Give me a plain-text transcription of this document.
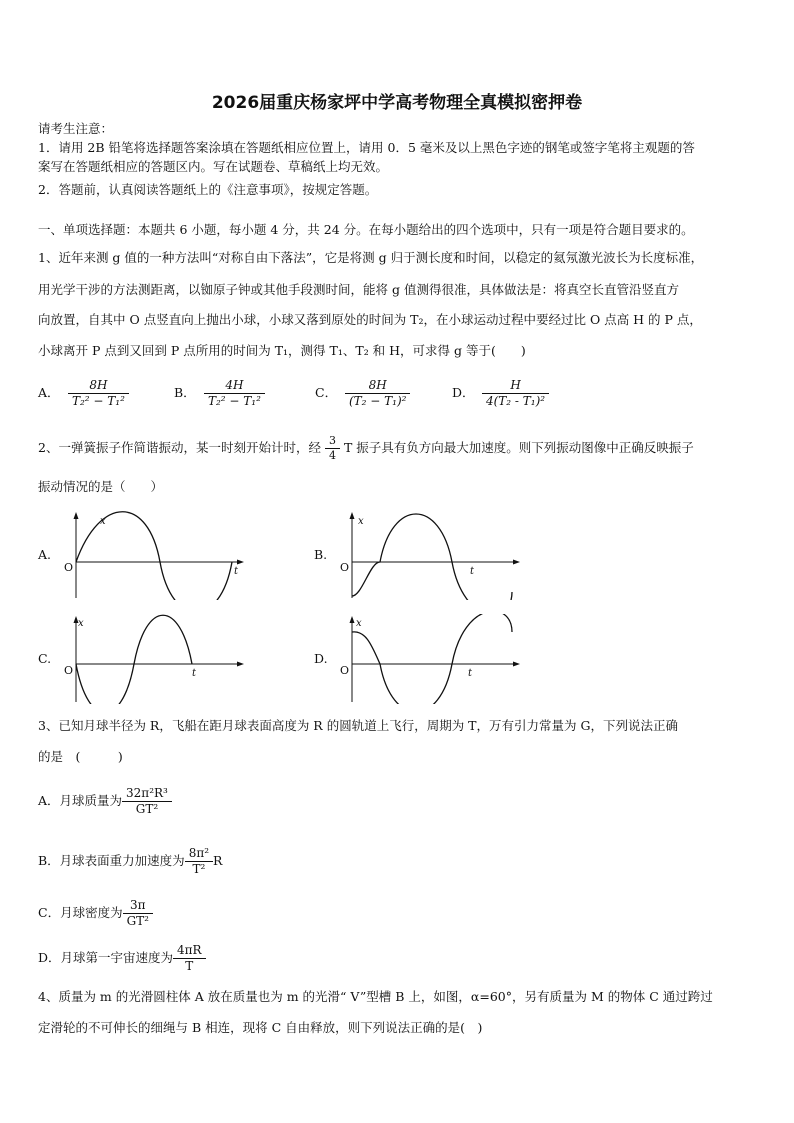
2026届重庆杨家坪中学高考物理全真模拟密押卷
请考生注意：
1．请用 2B 铅笔将选择题答案涂填在答题纸相应位置上，请用 0．5 毫米及以上黑色字迹的钢笔或签字笔将主观题的答
案写在答题纸相应的答题区内。写在试题卷、草稿纸上均无效。
2．答题前，认真阅读答题纸上的《注意事项》，按规定答题。
一、单项选择题：本题共 6 小题，每小题 4 分，共 24 分。在每小题给出的四个选项中，只有一项是符合题目要求的。
1、近年来测 g 值的一种方法叫“对称自由下落法”，它是将测 g 归于测长度和时间，以稳定的氦氖激光波长为长度标准，
用光学干涉的方法测距离，以铷原子钟或其他手段测时间，能将 g 值测得很准，具体做法是：将真空长直管沿竖直方
向放置，自其中 O 点竖直向上抛出小球，小球又落到原处的时间为 T₂，在小球运动过程中要经过比 O 点高 H 的 P 点，
小球离开 P 点到又回到 P 点所用的时间为 T₁，测得 T₁、T₂ 和 H，可求得 g 等于(　　)
A． $\frac{8H}{\text{T₂² − T₁²}}$	B． $\frac{4H}{\text{T₂² − T₁²}}$	C． $\frac{8H}{\text{(T₂ − T₁)²}}$	D． $\frac{H}{\text{4(T₂ - T₁)²}}$
2、一弹簧振子作简谐振动，某一时刻开始计时，经 $\frac{3}{4}$ T 振子具有负方向最大加速度。则下列振动图像中正确反映振子
振动情况的是（　　）
A.
x
O	t
B.
x
O	t
C.
x
O	t
D.
x
O	t
3、已知月球半径为 R，飞船在距月球表面高度为 R 的圆轨道上飞行，周期为 T，万有引力常量为 G，下列说法正确
的是　(　　　)
A．月球质量为 $\frac{\text{32π²R³}}{\text{GT²}}$
B．月球表面重力加速度为 $\frac{\text{8π²}}{\text{T²}}$ R
C．月球密度为 $\frac{3\pi}{\text{GT²}}$
D．月球第一宇宙速度为 $\frac{4\pi R}{T}$
4、质量为 m 的光滑圆柱体 A 放在质量也为 m 的光滑“ V”型槽 B 上，如图，α=60°，另有质量为 M 的物体 C 通过跨过
定滑轮的不可伸长的细绳与 B 相连，现将 C 自由释放，则下列说法正确的是(　)
